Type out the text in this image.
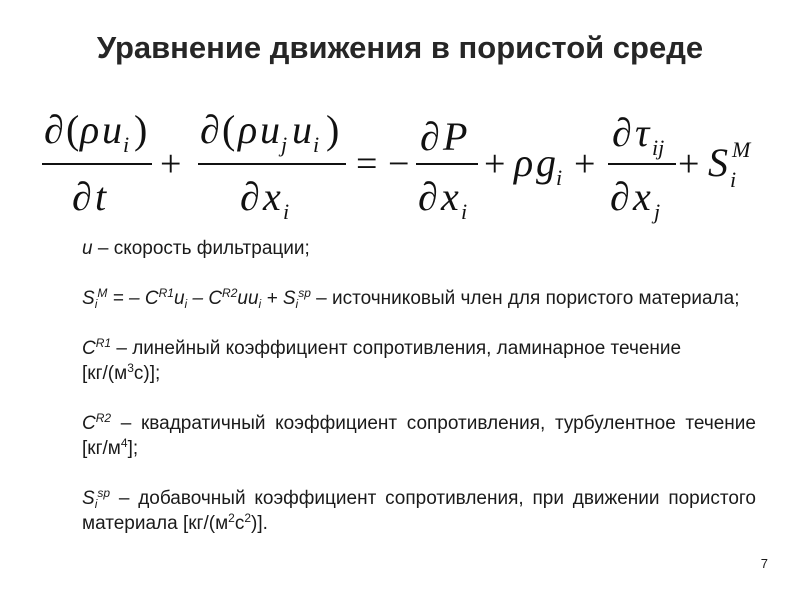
Уравнение движения в пористой среде
∂ ( ρ u i )
∂ t
+
∂ ( ρ u j u i )
∂ x i
= −
∂ P
∂ x i
+ ρ g i +
∂ τ ij
∂ x j
+ S i
M

u – скорость фильтрации;

$S_i^M$ = – $C^{R1}u_i - C^{R2}uu_i + S_i^{sp}$ – источниковый член для пористого материала;

$C^{R1}$ – линейный коэффициент сопротивления, ламинарное течение $[кг/(м^3с)]$;

$C^{R2}$ – квадратичный коэффициент сопротивления, турбулентное течение $[кг/м^4]$;

$S_i^{sp}$ – добавочный коэффициент сопротивления, при движении пористого материала $[кг/(м^2с^2)]$.

7
